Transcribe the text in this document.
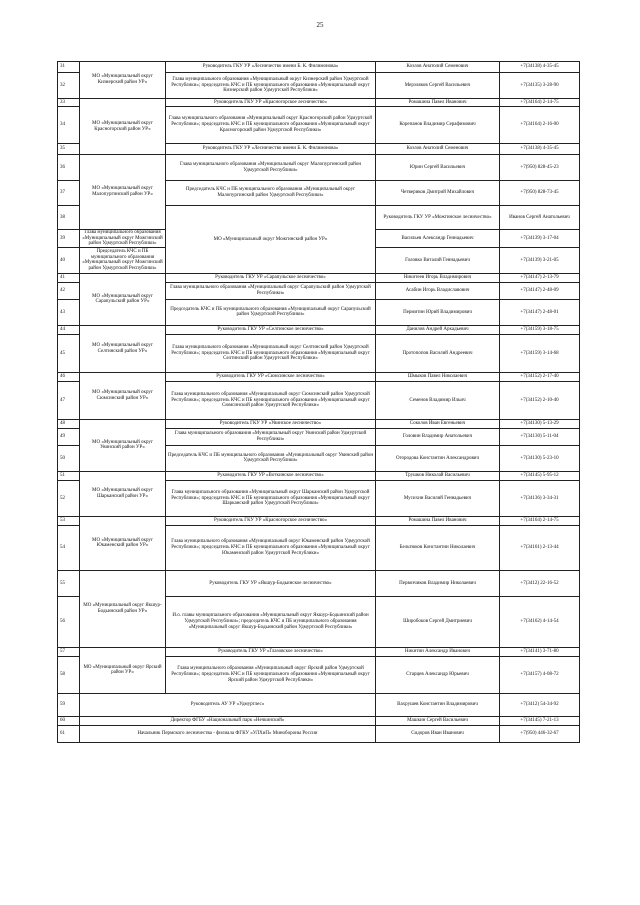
25
31	МО «Муниципальный округ Кизнерский район УР»	Руководитель ГКУ УР «Лесничество имени Б. К. Филимонова»	Козлов Анатолий Семенович	+7(34138) 4-35-45	
32		Глава муниципального образования «Муниципальный округ Кизнерский район Удмуртской Республики»; председатель КЧС и ПБ муниципального образования «Муниципальный округ Кизнерский район Удмуртской Республики»	Мерзляков Сергей Васильевич	+7(34135) 3-28-90	
33	МО «Муниципальный округ Красногорский район УР»	Руководитель ГКУ УР «Красногорское лесничество»	Ромашина Павел Иванович	+7(34164) 2-14-75	
34		Глава муниципального образования «Муниципальный округ Красногорский район Удмуртской Республики»; председатель КЧС и ПБ муниципального образования «Муниципальный округ Красногорский район Удмуртской Республики»	Корепанов Владимир Серафимович	+7(34164) 2-16-00	
35		Руководитель ГКУ УР «Лесничество имени Б. К. Филимонова»	Козлов Анатолий Семенович	+7(34138) 4-35-45	
36	МО «Муниципальный округ Малопургинский район УР»	Глава муниципального образования «Муниципальный округ Малопургинский район Удмуртской Республики»	Юрин Сергей Васильевич	+7(950) 828-45-23	
37		Председатель КЧС и ПБ муниципального образования «Муниципальный округ Малопургинский район Удмуртской Республики»	Четвериков Дмитрий Михайлович	+7(950) 828-73-45	
38		МО «Муниципальный округ Можгинский район УР»	Руководитель ГКУ УР «Можгинское лесничество»	Иванов Сергей Анатольевич	
39	Глава муниципального образования «Муниципальный округ Можгинский район Удмуртской Республики»		Васильев Александр Геннадьевич	+7(34139) 3-17-04	
40	Председатель КЧС и ПБ муниципального образования «Муниципальный округ Можгинский район Удмуртской Республики»		Головко Виталий Геннадьевич	+7(34139) 3-21-05	
41	МО «Муниципальный округ Сарапульский район УР»	Руководитель ГКУ УР «Сарапульское лесничество»	Никитеев Игорь Владимирович	+7(34147) 2-13-79	
42		Глава муниципального образования «Муниципальный округ Сарапульский район Удмуртской Республики»	Асабин Игорь Владиславович	+7(34147) 2-48-09	
43		Председатель КЧС и ПБ муниципального образования «Муниципальный округ Сарапульский район Удмуртской Республики»	Пермитин Юрий Владимирович	+7(34147) 2-48-01	
44	МО «Муниципальный округ Селтинский район УР»	Руководитель ГКУ УР «Селтинское лесничество»	Данилов Андрей Аркадьевич	+7(34159) 3-18-75	
45		Глава муниципального образования «Муниципальный округ Селтинский район Удмуртской Республики»; председатель КЧС и ПБ муниципального образования «Муниципальный округ Селтинский район Удмуртской Республики»	Протопопов Василий Андреевич	+7(34159) 3-14-68	
46	МО «Муниципальный округ Сюмсинский район УР»	Руководитель ГКУ УР «Сюмсинское лесничество»	Шмыков Павел Николаевич	+7(34152) 2-17-40	
47		Глава муниципального образования «Муниципальный округ Сюмсинский район Удмуртской Республики»; председатель КЧС и ПБ муниципального образования «Муниципальный округ Сюмсинский район Удмуртской Республики»	Семенов Владимир Ильич	+7(34152) 2-10-40	
48	МО «Муниципальный округ Увинский район УР»	Руководитель ГКУ УР «Увинское лесничество»	Соколов Иван Евгеньевич	+7(34130) 5-13-29	
49		Глава муниципального образования «Муниципальный округ Увинский район Удмуртской Республики»	Головин Владимир Анатольевич	+7(34130) 5-11-04	
50		Председатель КЧС и ПБ муниципального образования «Муниципальный округ Увинский район Удмуртской Республики»	Огородова Константин Александрович	+7(34130) 5-23-10	
51	МО «Муниципальный округ Шарканский район УР»	Руководитель ГКУ УР «Воткинское лесничество»	Трушков Николай Васильевич	+7(34145) 5-95-12	
52		Глава муниципального образования «Муниципальный округ Шарканский район Удмуртской Республики»; председатель КЧС и ПБ муниципального образования «Муниципальный округ Шарканский район Удмуртской Республики»	Мусихин Василий Геннадьевич	+7(34136) 3-34-31	
53	МО «Муниципальный округ Юкаменский район УР»	Руководитель ГКУ УР «Красногорское лесничество»	Ромашина Павел Иванович	+7(34164) 2-14-75	
54		Глава муниципального образования «Муниципальный округ Юкаменский район Удмуртской Республики»; председатель КЧС и ПБ муниципального образования «Муниципальный округ Юкаменский район Удмуртской Республики»	Бельтюков Константин Николаевич	+7(34161) 2-13-44	
55	МО «Муниципальный округ Якшур-Бодьинский район УР»	Руководитель ГКУ УР «Якшур-Бодьинское лесничество»	Первозчиков Владимир Николаевич	+7(3412) 22-16-52	
56		И.о. главы муниципального образования «Муниципальный округ Якшур-Бодьинский район Удмуртской Республики»; председатель КЧС и ПБ муниципального образования «Муниципальный округ Якшур-Бодьинский район Удмуртской Республики»	Широбоков Сергей Дмитриевич	+7(34162) 4-14-54	
57	МО «Муниципальный округ Ярский район УР»	Руководитель ГКУ УР «Глазовское лесничество»	Никитин Александр Иванович	+7(34141) 3-71-80	
58		Глава муниципального образования «Муниципальный округ Ярский район Удмуртской Республики»; председатель КЧС и ПБ муниципального образования «Муниципальный округ Ярский район Удмуртской Республики»	Старцев Александр Юрьевич	+7(34157) 4-08-72	
59	Руководитель АУ УР «Удмуртлес»		Вахрушев Константин Владимирович	+7(3412) 54-34-92	
60	Директор ФГБУ «Национальный парк «Нечкинский»		Машкин Сергей Васильевич	+7(34145) 7-21-13	
61	Начальник Пермского лесничества - филиала ФГКУ «УЛХиП» Минобороны России		Сидоров Иван Иванович	+7(950) 446-32-67	
